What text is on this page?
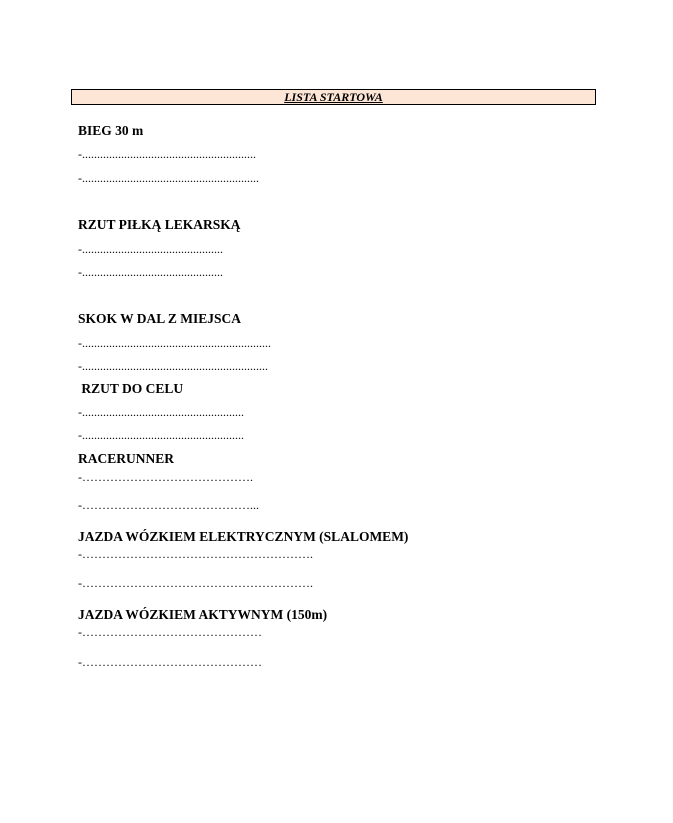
LISTA STARTOWA
BIEG 30 m
-..........................................................
-...........................................................
RZUT PIŁKĄ LEKARSKĄ
-...............................................
-...............................................
SKOK W DAL Z MIEJSCA
-...............................................................
-..............................................................
RZUT DO CELU
-......................................................
-......................................................
RACERUNNER
-…………………………………….
-……………………………………...
JAZDA WÓZKIEM ELEKTRYCZNYM (SLALOMEM)
-………………………………………………….
-………………………………………………….
JAZDA WÓZKIEM AKTYWNYM (150m)
-………………………………………
-………………………………………
